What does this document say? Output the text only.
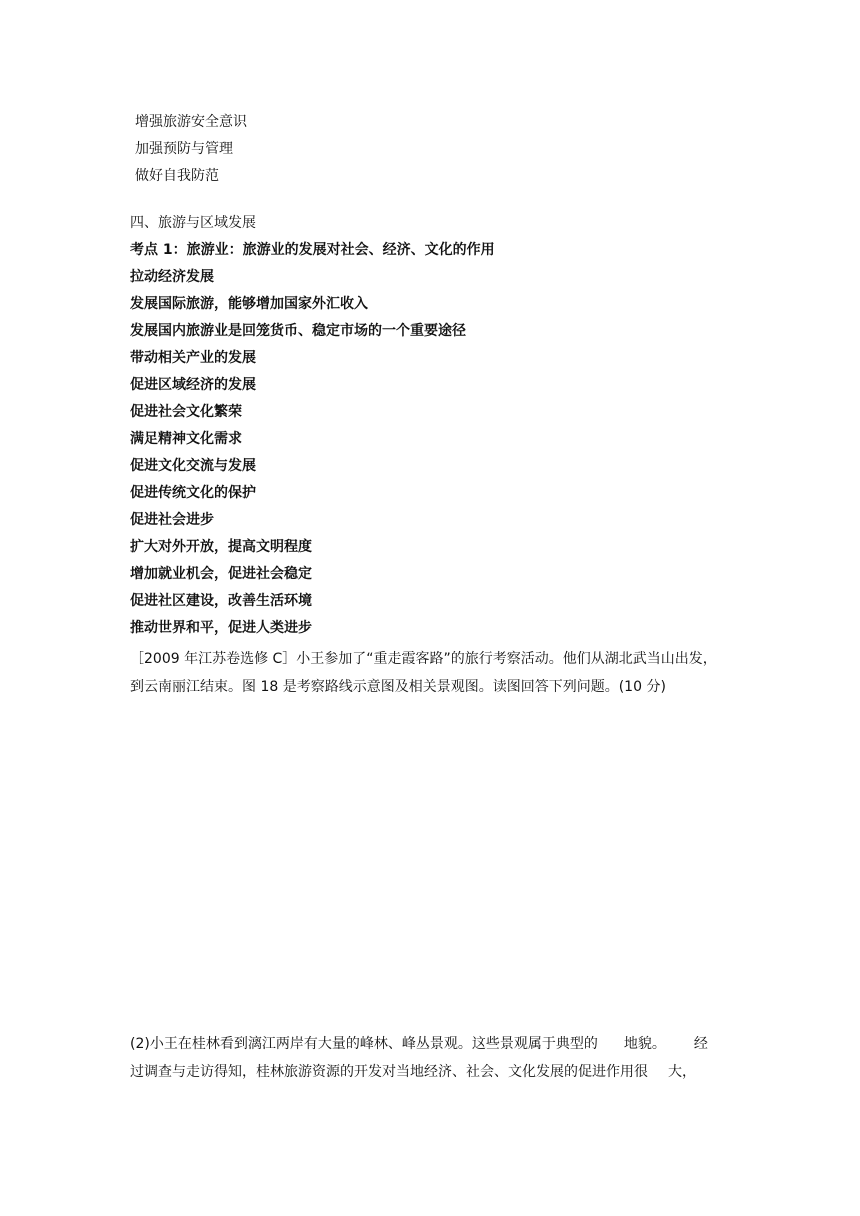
增强旅游安全意识
加强预防与管理
做好自我防范
四、旅游与区域发展
考点 1：旅游业：旅游业的发展对社会、经济、文化的作用
拉动经济发展
发展国际旅游，能够增加国家外汇收入
发展国内旅游业是回笼货币、稳定市场的一个重要途径
带动相关产业的发展
促进区域经济的发展
促进社会文化繁荣
满足精神文化需求
促进文化交流与发展
促进传统文化的保护
促进社会进步
扩大对外开放，提高文明程度
增加就业机会，促进社会稳定
促进社区建设，改善生活环境
推动世界和平，促进人类进步
［2009 年江苏卷选修 C］小王参加了“重走霞客路”的旅行考察活动。他们从湖北武当山出发，
到云南丽江结束。图 18 是考察路线示意图及相关景观图。读图回答下列问题。(10 分)
(2)小王在桂林看到漓江两岸有大量的峰林、峰丛景观。这些景观属于典型的 地貌。 经
过调查与走访得知，桂林旅游资源的开发对当地经济、社会、文化发展的促进作用很 大，
